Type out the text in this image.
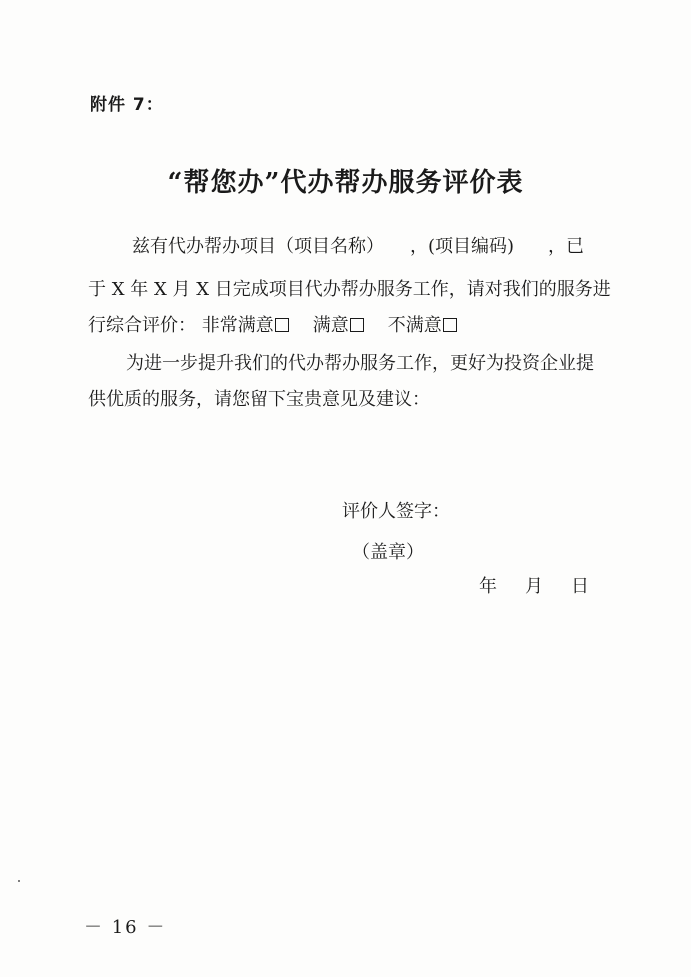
附件 7：
“帮您办”代办帮办服务评价表
兹有代办帮办项目（项目名称） ，(项目编码) ，已
于 X 年 X 月 X 日完成项目代办帮办服务工作，请对我们的服务进
行综合评价： 非常满意 满意 不满意
为进一步提升我们的代办帮办服务工作，更好为投资企业提
供优质的服务，请您留下宝贵意见及建议：
评价人签字：
（盖章）
年 月 日
－ 16 －
